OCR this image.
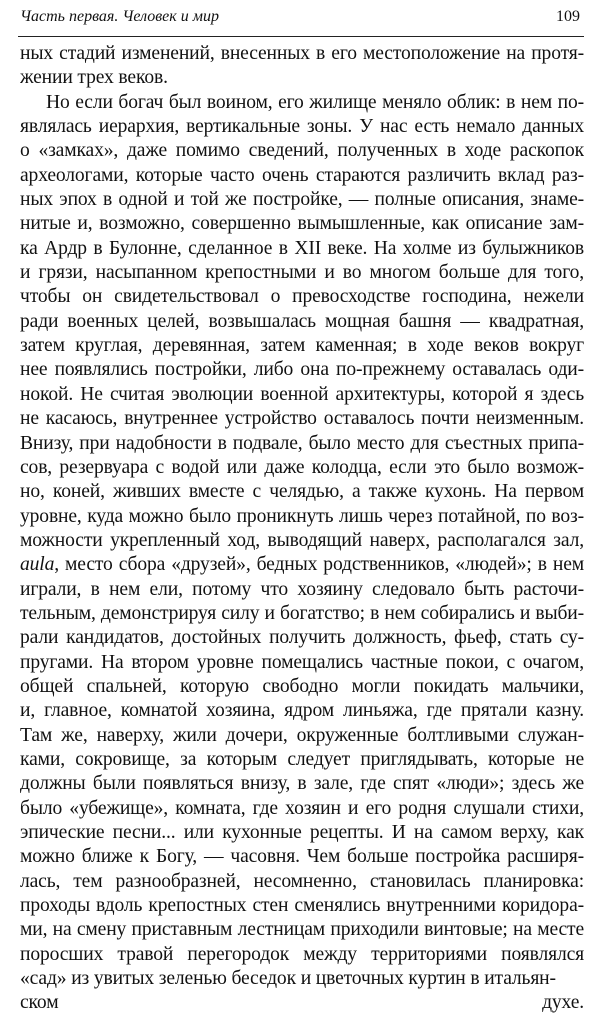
Часть первая. Человек и мир	109
ных стадий изменений, внесенных в его местоположение на протя-
жении трех веков.
Но если богач был воином, его жилище меняло облик: в нем по-
являлась иерархия, вертикальные зоны. У нас есть немало данных
о «замках», даже помимо сведений, полученных в ходе раскопок
археологами, которые часто очень стараются различить вклад раз-
ных эпох в одной и той же постройке, — полные описания, знаме-
нитые и, возможно, совершенно вымышленные, как описание зам-
ка Ардр в Булонне, сделанное в XII веке. На холме из булыжников
и грязи, насыпанном крепостными и во многом больше для того,
чтобы он свидетельствовал о превосходстве господина, нежели
ради военных целей, возвышалась мощная башня — квадратная,
затем круглая, деревянная, затем каменная; в ходе веков вокруг
нее появлялись постройки, либо она по-прежнему оставалась оди-
нокой. Не считая эволюции военной архитектуры, которой я здесь
не касаюсь, внутреннее устройство оставалось почти неизменным.
Внизу, при надобности в подвале, было место для съестных припа-
сов, резервуара с водой или даже колодца, если это было возмож-
но, коней, живших вместе с челядью, а также кухонь. На первом
уровне, куда можно было проникнуть лишь через потайной, по воз-
можности укрепленный ход, выводящий наверх, располагался зал,
aula, место сбора «друзей», бедных родственников, «людей»; в нем
играли, в нем ели, потому что хозяину следовало быть расточи-
тельным, демонстрируя силу и богатство; в нем собирались и выби-
рали кандидатов, достойных получить должность, фьеф, стать су-
пругами. На втором уровне помещались частные покои, с очагом,
общей спальней, которую свободно могли покидать мальчики,
и, главное, комнатой хозяина, ядром линьяжа, где прятали казну.
Там же, наверху, жили дочери, окруженные болтливыми служан-
ками, сокровище, за которым следует приглядывать, которые не
должны были появляться внизу, в зале, где спят «люди»; здесь же
было «убежище», комната, где хозяин и его родня слушали стихи,
эпические песни... или кухонные рецепты. И на самом верху, как
можно ближе к Богу, — часовня. Чем больше постройка расширя-
лась, тем разнообразней, несомненно, становилась планировка:
проходы вдоль крепостных стен сменялись внутренними коридора-
ми, на смену приставным лестницам приходили винтовые; на месте
поросших травой перегородок между территориями появлялся
«сад» из увитых зеленью беседок и цветочных куртин в итальян-
ском духе.
